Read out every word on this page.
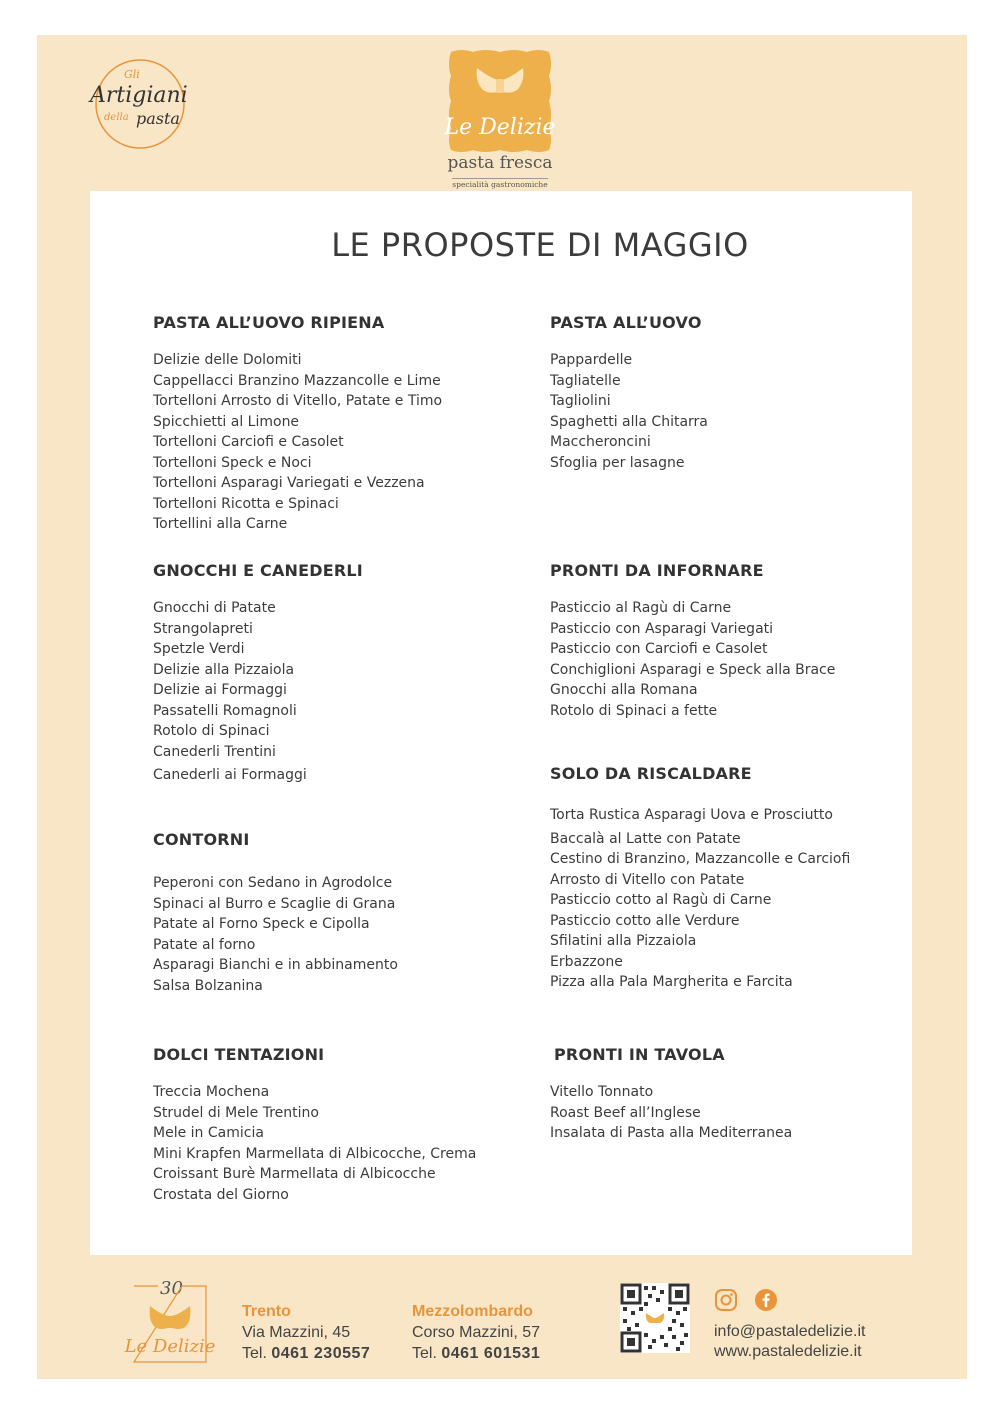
Gli
Artigiani
della pasta	Le Delizie
pasta fresca
specialità gastronomiche
LE PROPOSTE DI MAGGIO
PASTA ALL’UOVO RIPIENA
Delizie delle Dolomiti
Cappellacci Branzino Mazzancolle e Lime
Tortelloni Arrosto di Vitello, Patate e Timo
Spicchietti al Limone
Tortelloni Carciofi e Casolet
Tortelloni Speck e Noci
Tortelloni Asparagi Variegati e Vezzena
Tortelloni Ricotta e Spinaci
Tortellini alla Carne
PASTA ALL’UOVO
Pappardelle
Tagliatelle
Tagliolini
Spaghetti alla Chitarra
Maccheroncini
Sfoglia per lasagne
GNOCCHI E CANEDERLI
Gnocchi di Patate
Strangolapreti
Spetzle Verdi
Delizie alla Pizzaiola
Delizie ai Formaggi
Passatelli Romagnoli
Rotolo di Spinaci
Canederli Trentini
Canederli ai Formaggi
PRONTI DA INFORNARE
Pasticcio al Ragù di Carne
Pasticcio con Asparagi Variegati
Pasticcio con Carciofi e Casolet
Conchiglioni Asparagi e Speck alla Brace
Gnocchi alla Romana
Rotolo di Spinaci a fette
SOLO DA RISCALDARE
Torta Rustica Asparagi Uova e Prosciutto
Baccalà al Latte con Patate
Cestino di Branzino, Mazzancolle e Carciofi
Arrosto di Vitello con Patate
Pasticcio cotto al Ragù di Carne
Pasticcio cotto alle Verdure
Sfilatini alla Pizzaiola
Erbazzone
Pizza alla Pala Margherita e Farcita
CONTORNI
Peperoni con Sedano in Agrodolce
Spinaci al Burro e Scaglie di Grana
Patate al Forno Speck e Cipolla
Patate al forno
Asparagi Bianchi e in abbinamento
Salsa Bolzanina
DOLCI TENTAZIONI
Treccia Mochena
Strudel di Mele Trentino
Mele in Camicia
Mini Krapfen Marmellata di Albicocche, Crema
Croissant Burè Marmellata di Albicocche
Crostata del Giorno
PRONTI IN TAVOLA
Vitello Tonnato
Roast Beef all’Inglese
Insalata di Pasta alla Mediterranea
30
Le Delizie
Trento
Via Mazzini, 45
Tel. 0461 230557
Mezzolombardo
Corso Mazzini, 57
Tel. 0461 601531
info@pastaledelizie.it
www.pastaledelizie.it
